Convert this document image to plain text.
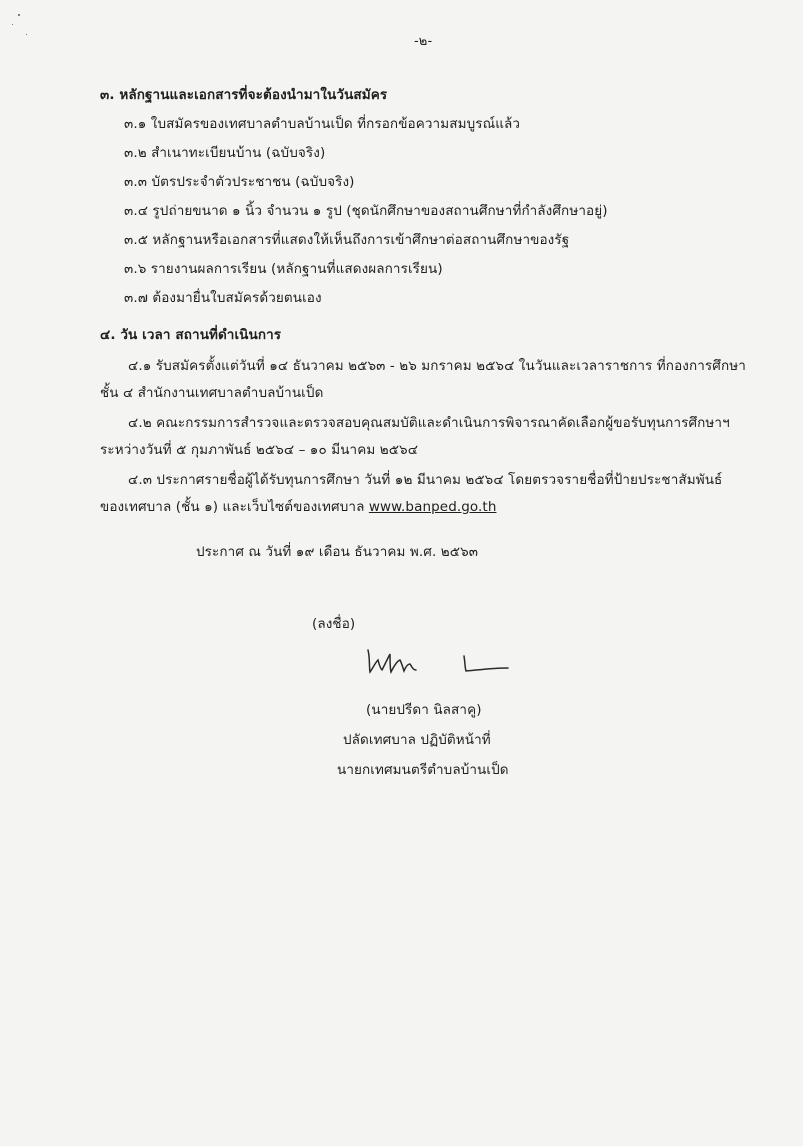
-๒-
๓. หลักฐานและเอกสารที่จะต้องนำมาในวันสมัคร
๓.๑ ใบสมัครของเทศบาลตำบลบ้านเป็ด ที่กรอกข้อความสมบูรณ์แล้ว
๓.๒ สำเนาทะเบียนบ้าน (ฉบับจริง)
๓.๓ บัตรประจำตัวประชาชน (ฉบับจริง)
๓.๔ รูปถ่ายขนาด ๑ นิ้ว จำนวน ๑ รูป (ชุดนักศึกษาของสถานศึกษาที่กำลังศึกษาอยู่)
๓.๕ หลักฐานหรือเอกสารที่แสดงให้เห็นถึงการเข้าศึกษาต่อสถานศึกษาของรัฐ
๓.๖ รายงานผลการเรียน (หลักฐานที่แสดงผลการเรียน)
๓.๗ ต้องมายื่นใบสมัครด้วยตนเอง
๔. วัน เวลา สถานที่ดำเนินการ
๔.๑ รับสมัครตั้งแต่วันที่ ๑๔ ธันวาคม ๒๕๖๓ - ๒๖ มกราคม ๒๕๖๔ ในวันและเวลาราชการ ที่กองการศึกษา
ชั้น ๔ สำนักงานเทศบาลตำบลบ้านเป็ด
๔.๒ คณะกรรมการสำรวจและตรวจสอบคุณสมบัติและดำเนินการพิจารณาคัดเลือกผู้ขอรับทุนการศึกษาฯ
ระหว่างวันที่ ๕ กุมภาพันธ์ ๒๕๖๔ – ๑๐ มีนาคม ๒๕๖๔
๔.๓ ประกาศรายชื่อผู้ได้รับทุนการศึกษา วันที่ ๑๒ มีนาคม ๒๕๖๔ โดยตรวจรายชื่อที่ป้ายประชาสัมพันธ์
ของเทศบาล (ชั้น ๑) และเว็บไซต์ของเทศบาล www.banped.go.th
ประกาศ ณ วันที่ ๑๙ เดือน ธันวาคม พ.ศ. ๒๕๖๓
(ลงชื่อ)
(นายปรีดา นิลสาคู)
ปลัดเทศบาล ปฏิบัติหน้าที่
นายกเทศมนตรีตำบลบ้านเป็ด
